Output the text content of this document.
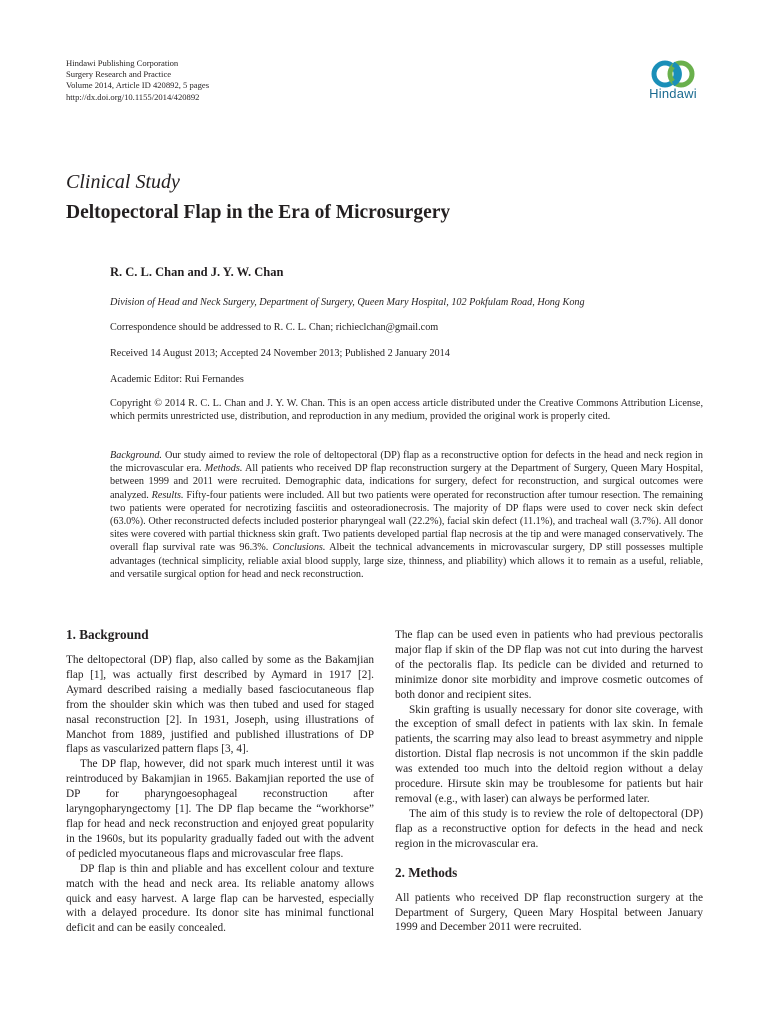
Hindawi Publishing Corporation
Surgery Research and Practice
Volume 2014, Article ID 420892, 5 pages
http://dx.doi.org/10.1155/2014/420892	Hindawi
Clinical Study
Deltopectoral Flap in the Era of Microsurgery
R. C. L. Chan and J. Y. W. Chan
Division of Head and Neck Surgery, Department of Surgery, Queen Mary Hospital, 102 Pokfulam Road, Hong Kong
Correspondence should be addressed to R. C. L. Chan; richieclchan@gmail.com
Received 14 August 2013; Accepted 24 November 2013; Published 2 January 2014
Academic Editor: Rui Fernandes
Copyright © 2014 R. C. L. Chan and J. Y. W. Chan. This is an open access article distributed under the Creative Commons Attribution License, which permits unrestricted use, distribution, and reproduction in any medium, provided the original work is properly cited.
Background. Our study aimed to review the role of deltopectoral (DP) flap as a reconstructive option for defects in the head and neck region in the microvascular era. Methods. All patients who received DP flap reconstruction surgery at the Department of Surgery, Queen Mary Hospital, between 1999 and 2011 were recruited. Demographic data, indications for surgery, defect for reconstruction, and surgical outcomes were analyzed. Results. Fifty-four patients were included. All but two patients were operated for reconstruction after tumour resection. The remaining two patients were operated for necrotizing fasciitis and osteoradionecrosis. The majority of DP flaps were used to cover neck skin defect (63.0%). Other reconstructed defects included posterior pharyngeal wall (22.2%), facial skin defect (11.1%), and tracheal wall (3.7%). All donor sites were covered with partial thickness skin graft. Two patients developed partial flap necrosis at the tip and were managed conservatively. The overall flap survival rate was 96.3%. Conclusions. Albeit the technical advancements in microvascular surgery, DP still possesses multiple advantages (technical simplicity, reliable axial blood supply, large size, thinness, and pliability) which allows it to remain as a useful, reliable, and versatile surgical option for head and neck reconstruction.
1. Background

The deltopectoral (DP) flap, also called by some as the Bakamjian flap [1], was actually first described by Aymard in 1917 [2]. Aymard described raising a medially based fasciocutaneous flap from the shoulder skin which was then tubed and used for staged nasal reconstruction [2]. In 1931, Joseph, using illustrations of Manchot from 1889, justified and published illustrations of DP flaps as vascularized pattern flaps [3, 4].

The DP flap, however, did not spark much interest until it was reintroduced by Bakamjian in 1965. Bakamjian reported the use of DP for pharyngoesophageal reconstruction after laryngopharyngectomy [1]. The DP flap became the “workhorse” flap for head and neck reconstruction and enjoyed great popularity in the 1960s, but its popularity gradually faded out with the advent of pedicled myocutaneous flaps and microvascular free flaps.

DP flap is thin and pliable and has excellent colour and texture match with the head and neck area. Its reliable anatomy allows quick and easy harvest. A large flap can be harvested, especially with a delayed procedure. Its donor site has minimal functional deficit and can be easily concealed.

The flap can be used even in patients who had previous pectoralis major flap if skin of the DP flap was not cut into during the harvest of the pectoralis flap. Its pedicle can be divided and returned to minimize donor site morbidity and improve cosmetic outcomes of both donor and recipient sites.

Skin grafting is usually necessary for donor site coverage, with the exception of small defect in patients with lax skin. In female patients, the scarring may also lead to breast asymmetry and nipple distortion. Distal flap necrosis is not uncommon if the skin paddle was extended too much into the deltoid region without a delay procedure. Hirsute skin may be troublesome for patients but hair removal (e.g., with laser) can always be performed later.

The aim of this study is to review the role of deltopectoral (DP) flap as a reconstructive option for defects in the head and neck region in the microvascular era.

2. Methods

All patients who received DP flap reconstruction surgery at the Department of Surgery, Queen Mary Hospital between January 1999 and December 2011 were recruited.
